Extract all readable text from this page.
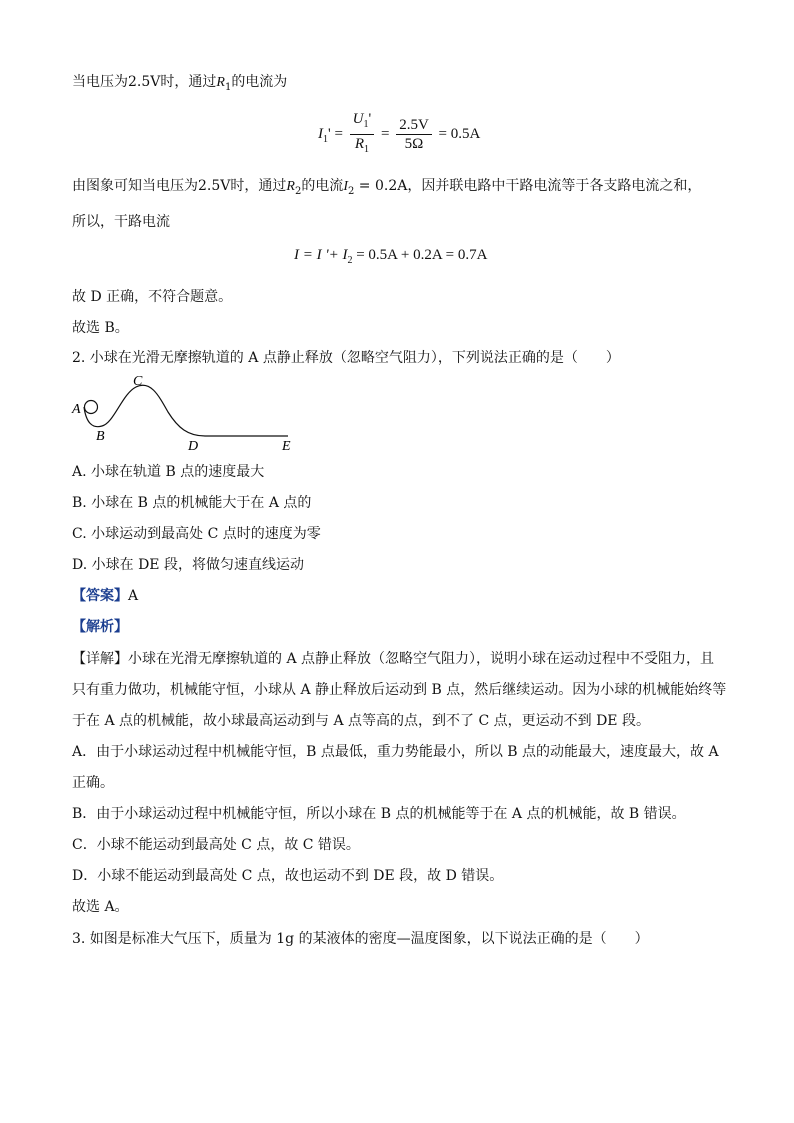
当电压为2.5V时，通过$R_1$的电流为
$I_1' = \frac{U_1'}{R_1} = \frac{2.5V}{5\Omega} = 0.5A$
由图象可知当电压为2.5V时，通过$R_2$的电流$I_2 = 0.2A$，因并联电路中干路电流等于各支路电流之和，
所以，干路电流
I = I '+ $I_2 = 0.5A + 0.2A = 0.7A$
故 D 正确，不符合题意。
故选 B。
2. 小球在光滑无摩擦轨道的 A 点静止释放（忽略空气阻力），下列说法正确的是（　　）
A
B
C
D	E
A. 小球在轨道 B 点的速度最大
B. 小球在 B 点的机械能大于在 A 点的
C. 小球运动到最高处 C 点时的速度为零
D. 小球在 DE 段，将做匀速直线运动
【答案】A
【解析】
【详解】小球在光滑无摩擦轨道的 A 点静止释放（忽略空气阻力），说明小球在运动过程中不受阻力，且
只有重力做功，机械能守恒，小球从 A 静止释放后运动到 B 点，然后继续运动。因为小球的机械能始终等
于在 A 点的机械能，故小球最高运动到与 A 点等高的点，到不了 C 点，更运动不到 DE 段。
A．由于小球运动过程中机械能守恒，B 点最低，重力势能最小，所以 B 点的动能最大，速度最大，故 A
正确。
B．由于小球运动过程中机械能守恒，所以小球在 B 点的机械能等于在 A 点的机械能，故 B 错误。
C．小球不能运动到最高处 C 点，故 C 错误。
D．小球不能运动到最高处 C 点，故也运动不到 DE 段，故 D 错误。
故选 A。
3. 如图是标准大气压下，质量为 1g 的某液体的密度—温度图象，以下说法正确的是（　　）
